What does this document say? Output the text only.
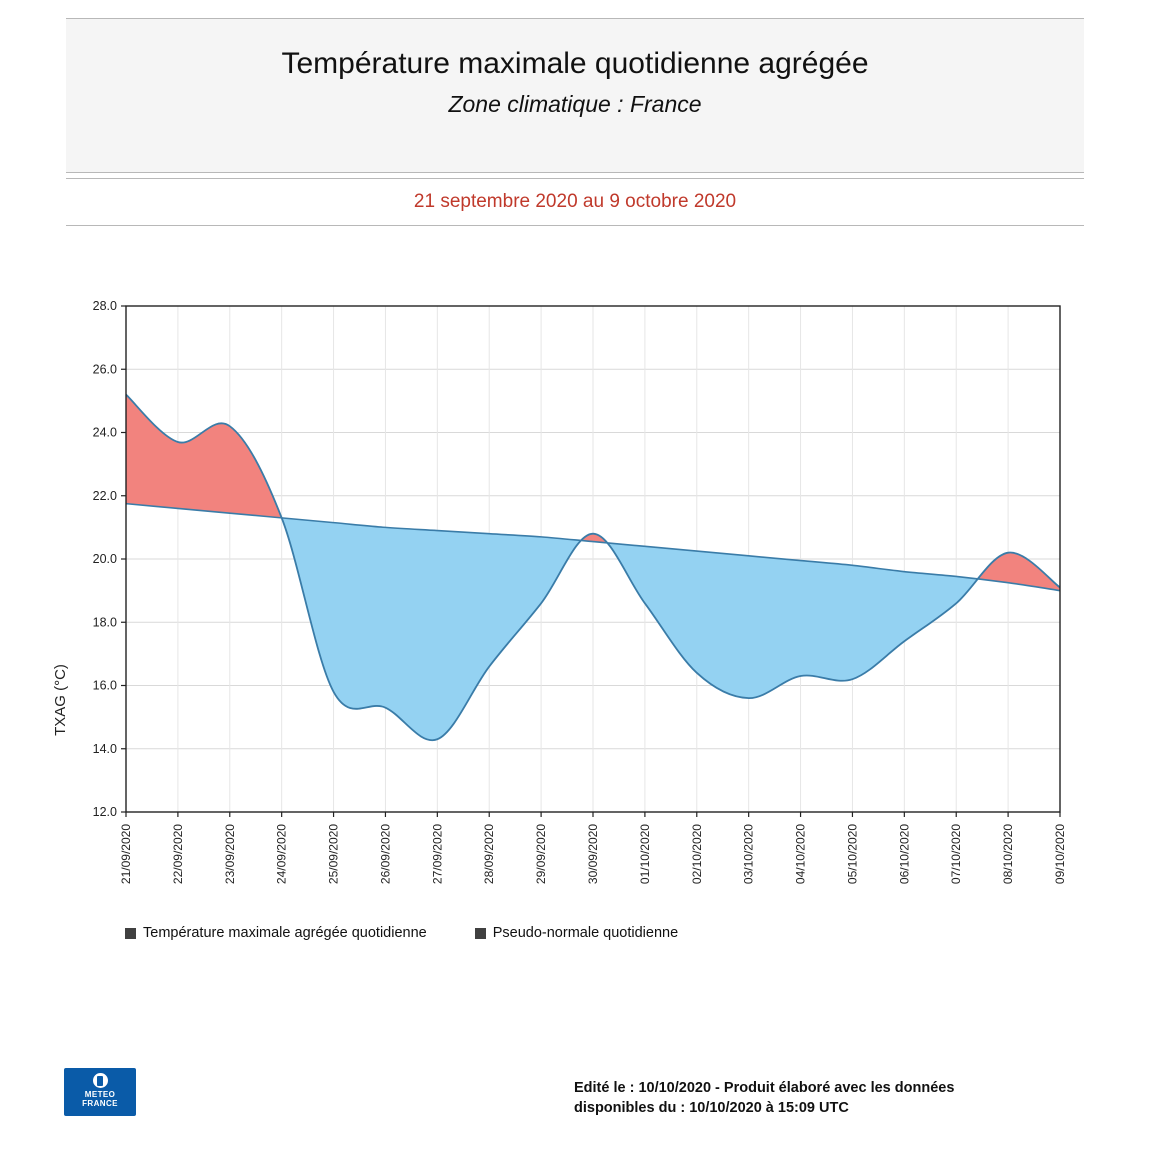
Température maximale quotidienne agrégée
Zone climatique : France
21 septembre 2020 au 9 octobre 2020
TXAG (°C)
12.0
14.0
16.0
18.0
20.0
22.0
24.0
26.0
28.0
21/09/2020	22/09/2020	23/09/2020	24/09/2020	25/09/2020	26/09/2020	27/09/2020	28/09/2020	29/09/2020	30/09/2020	01/10/2020	02/10/2020	03/10/2020	04/10/2020	05/10/2020	06/10/2020	07/10/2020	08/10/2020	09/10/2020
Température maximale agrégée quotidienne	Pseudo-normale quotidienne
METEO
FRANCE
Edité le : 10/10/2020 - Produit élaboré avec les données
disponibles du : 10/10/2020 à 15:09 UTC
